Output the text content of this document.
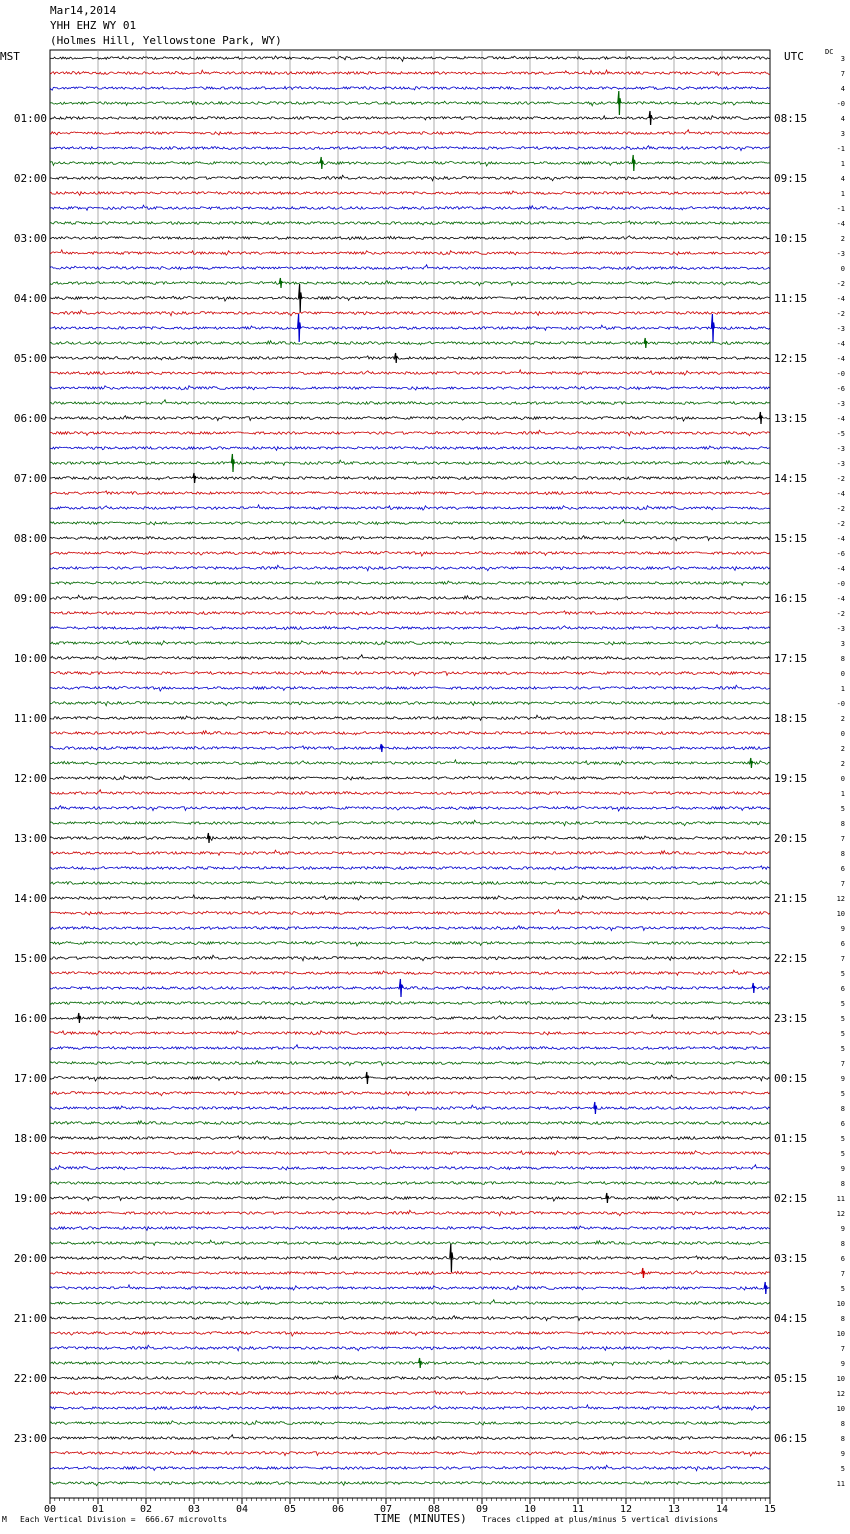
Mar14,2014
YHH EHZ WY 01
(Holmes Hill, Yellowstone Park, WY)
MST	UTC	DC
00	01	02	03	04	05	06	07	08	09	10	11	12	13	14	15
3
7
4
-0
4
3
-1
1
4
1
-1
-4
2
-3
0
-2
-4
-2
-3
-4
-4
-0
-6
-3
-4
-5
-3
-3
-2
-4
-2
-2
-4
-6
-4
-0
-4
-2
-3
3
8
0
1
-0
2
0
2
2
0
1
5
8
7
8
6
7
12
10
9
6
7
5
6
5
5
5
5
7
9
5
8
6
5
5
9
8
11
12
9
8
6
7
5
10
8
10
7
9
10
12
10
8
8
9
5
11
01:00
02:00
03:00
04:00
05:00
06:00
07:00
08:00
09:00
10:00
11:00
12:00
13:00
14:00
15:00
16:00
17:00
18:00
19:00
20:00
21:00
22:00
23:00
08:15
09:15
10:15
11:15
12:15
13:15
14:15
15:15
16:15
17:15
18:15
19:15
20:15
21:15
22:15
23:15
00:15
01:15
02:15
03:15
04:15
05:15
06:15
M Each Vertical Division =  666.67 microvolts	TIME (MINUTES) Traces clipped at plus/minus 5 vertical divisions
